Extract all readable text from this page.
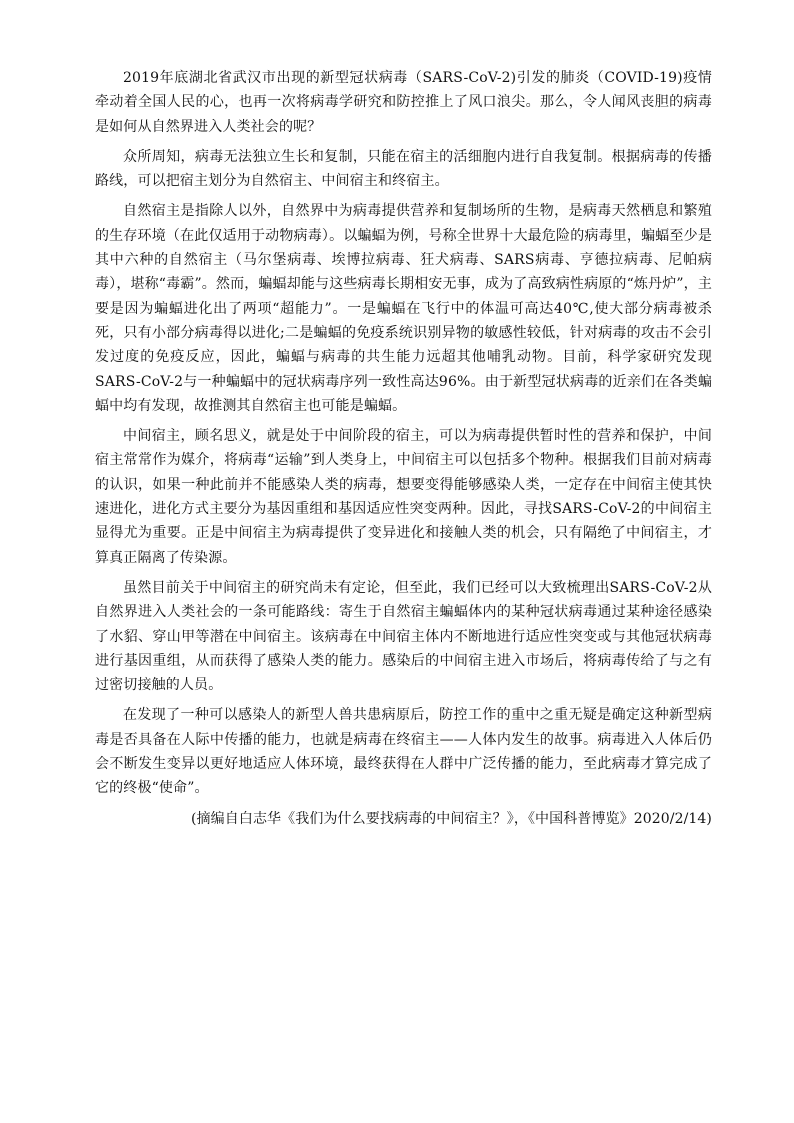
2019年底湖北省武汉市出现的新型冠状病毒（SARS-CoV-2)引发的肺炎（COVID-19)疫情牵动着全国人民的心，也再一次将病毒学研究和防控推上了风口浪尖。那么，令人闻风丧胆的病毒是如何从自然界进入人类社会的呢？

众所周知，病毒无法独立生长和复制，只能在宿主的活细胞内进行自我复制。根据病毒的传播路线，可以把宿主划分为自然宿主、中间宿主和终宿主。

自然宿主是指除人以外，自然界中为病毒提供营养和复制场所的生物，是病毒天然栖息和繁殖的生存环境（在此仅适用于动物病毒）。以蝙蝠为例，号称全世界十大最危险的病毒里，蝙蝠至少是其中六种的自然宿主（马尔堡病毒、埃博拉病毒、狂犬病毒、SARS病毒、亨德拉病毒、尼帕病毒），堪称“毒霸”。然而，蝙蝠却能与这些病毒长期相安无事，成为了高致病性病原的“炼丹炉”，主要是因为蝙蝠进化出了两项“超能力”。一是蝙蝠在飞行中的体温可高达40℃,使大部分病毒被杀死，只有小部分病毒得以进化;二是蝙蝠的免疫系统识别异物的敏感性较低，针对病毒的攻击不会引发过度的免疫反应，因此，蝙蝠与病毒的共生能力远超其他哺乳动物。目前，科学家研究发现SARS-CoV-2与一种蝙蝠中的冠状病毒序列一致性高达96%。由于新型冠状病毒的近亲们在各类蝙蝠中均有发现，故推测其自然宿主也可能是蝙蝠。

中间宿主，顾名思义，就是处于中间阶段的宿主，可以为病毒提供暂时性的营养和保护，中间宿主常常作为媒介，将病毒“运输”到人类身上，中间宿主可以包括多个物种。根据我们目前对病毒的认识，如果一种此前并不能感染人类的病毒，想要变得能够感染人类，一定存在中间宿主使其快速进化，进化方式主要分为基因重组和基因适应性突变两种。因此，寻找SARS-CoV-2的中间宿主显得尤为重要。正是中间宿主为病毒提供了变异进化和接触人类的机会，只有隔绝了中间宿主，才算真正隔离了传染源。

虽然目前关于中间宿主的研究尚未有定论，但至此，我们已经可以大致梳理出SARS-CoV-2从自然界进入人类社会的一条可能路线：寄生于自然宿主蝙蝠体内的某种冠状病毒通过某种途径感染了水貂、穿山甲等潜在中间宿主。该病毒在中间宿主体内不断地进行适应性突变或与其他冠状病毒进行基因重组，从而获得了感染人类的能力。感染后的中间宿主进入市场后，将病毒传给了与之有过密切接触的人员。

在发现了一种可以感染人的新型人兽共患病原后，防控工作的重中之重无疑是确定这种新型病毒是否具备在人际中传播的能力，也就是病毒在终宿主——人体内发生的故事。病毒进入人体后仍会不断发生变异以更好地适应人体环境，最终获得在人群中广泛传播的能力，至此病毒才算完成了它的终极“使命”。

(摘编自白志华《我们为什么要找病毒的中间宿主？》，《中国科普博览》2020/2/14)
